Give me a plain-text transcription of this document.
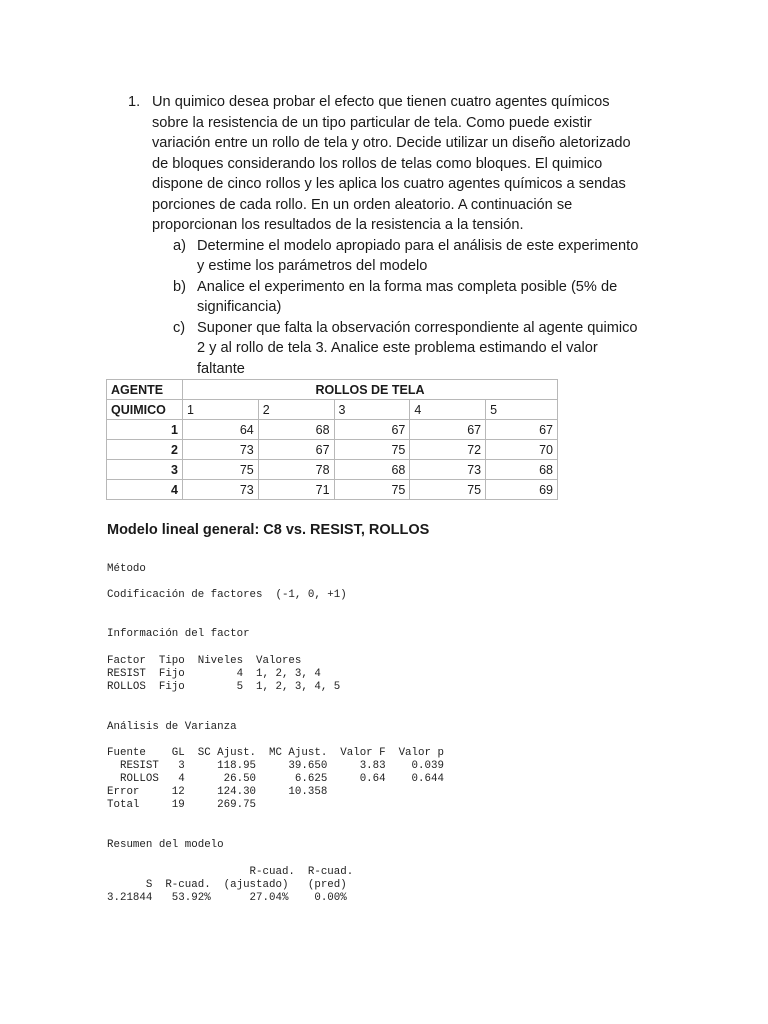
1. Un quimico desea probar el efecto que tienen cuatro agentes químicos
sobre la resistencia de un tipo particular de tela. Como puede existir
variación entre un rollo de tela y otro. Decide utilizar un diseño aletorizado
de bloques considerando los rollos de telas como bloques. El quimico
dispone de cinco rollos y les aplica los cuatro agentes químicos a sendas
porciones de cada rollo. En un orden aleatorio. A continuación se
proporcionan los resultados de la resistencia a la tensión.
a) Determine el modelo apropiado para el análisis de este experimento
y estime los parámetros del modelo
b) Analice el experimento en la forma mas completa posible (5% de
significancia)
c) Suponer que falta la observación correspondiente al agente quimico
2 y al rollo de tela 3. Analice este problema estimando el valor
faltante
AGENTE	ROLLOS DE TELA				
QUIMICO	1	2	3	4	5
1	64	68	67	67	67
2	73	67	75	72	70
3	75	78	68	73	68
4	73	71	75	75	69
Modelo lineal general: C8 vs. RESIST, ROLLOS
Método
Codificación de factores  (-1, 0, +1)
Información del factor
Factor  Tipo  Niveles  Valores
RESIST  Fijo        4  1, 2, 3, 4
ROLLOS  Fijo        5  1, 2, 3, 4, 5
Análisis de Varianza
Fuente    GL  SC Ajust.  MC Ajust.  Valor F  Valor p
RESIST   3     118.95     39.650     3.83    0.039
ROLLOS   4      26.50      6.625     0.64    0.644
Error     12     124.30     10.358
Total     19     269.75
Resumen del modelo
R-cuad.  R-cuad.
S  R-cuad.  (ajustado)   (pred)
3.21844   53.92%      27.04%    0.00%
